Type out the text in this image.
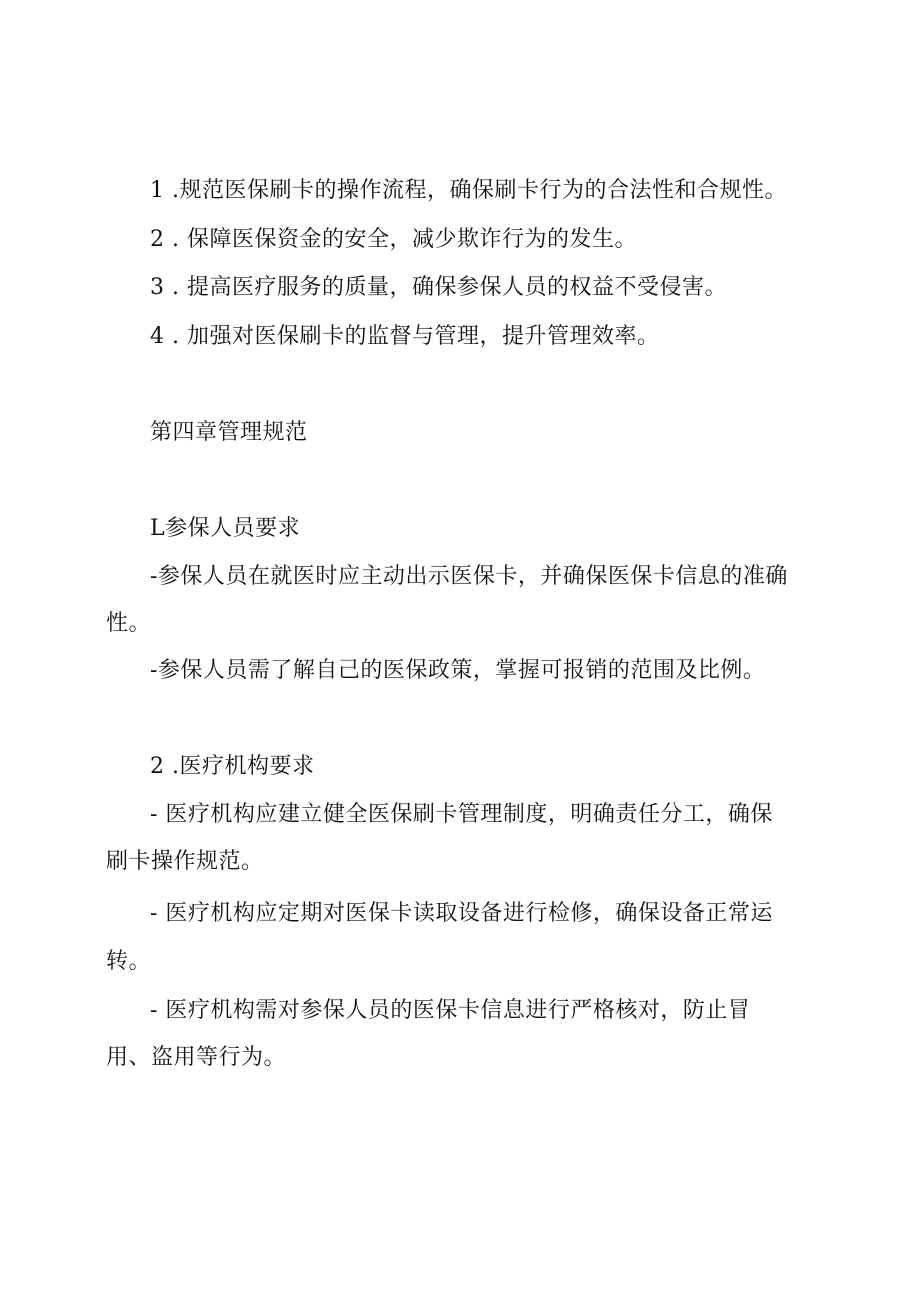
1 .规范医保刷卡的操作流程，确保刷卡行为的合法性和合规性。
2 . 保障医保资金的安全，减少欺诈行为的发生。
3 . 提高医疗服务的质量，确保参保人员的权益不受侵害。
4 . 加强对医保刷卡的监督与管理，提升管理效率。
第四章管理规范
L参保人员要求
-参保人员在就医时应主动出示医保卡，并确保医保卡信息的准确
性。
-参保人员需了解自己的医保政策，掌握可报销的范围及比例。
2 .医疗机构要求
- 医疗机构应建立健全医保刷卡管理制度，明确责任分工，确保
刷卡操作规范。
- 医疗机构应定期对医保卡读取设备进行检修，确保设备正常运
转。
- 医疗机构需对参保人员的医保卡信息进行严格核对，防止冒
用、盗用等行为。
